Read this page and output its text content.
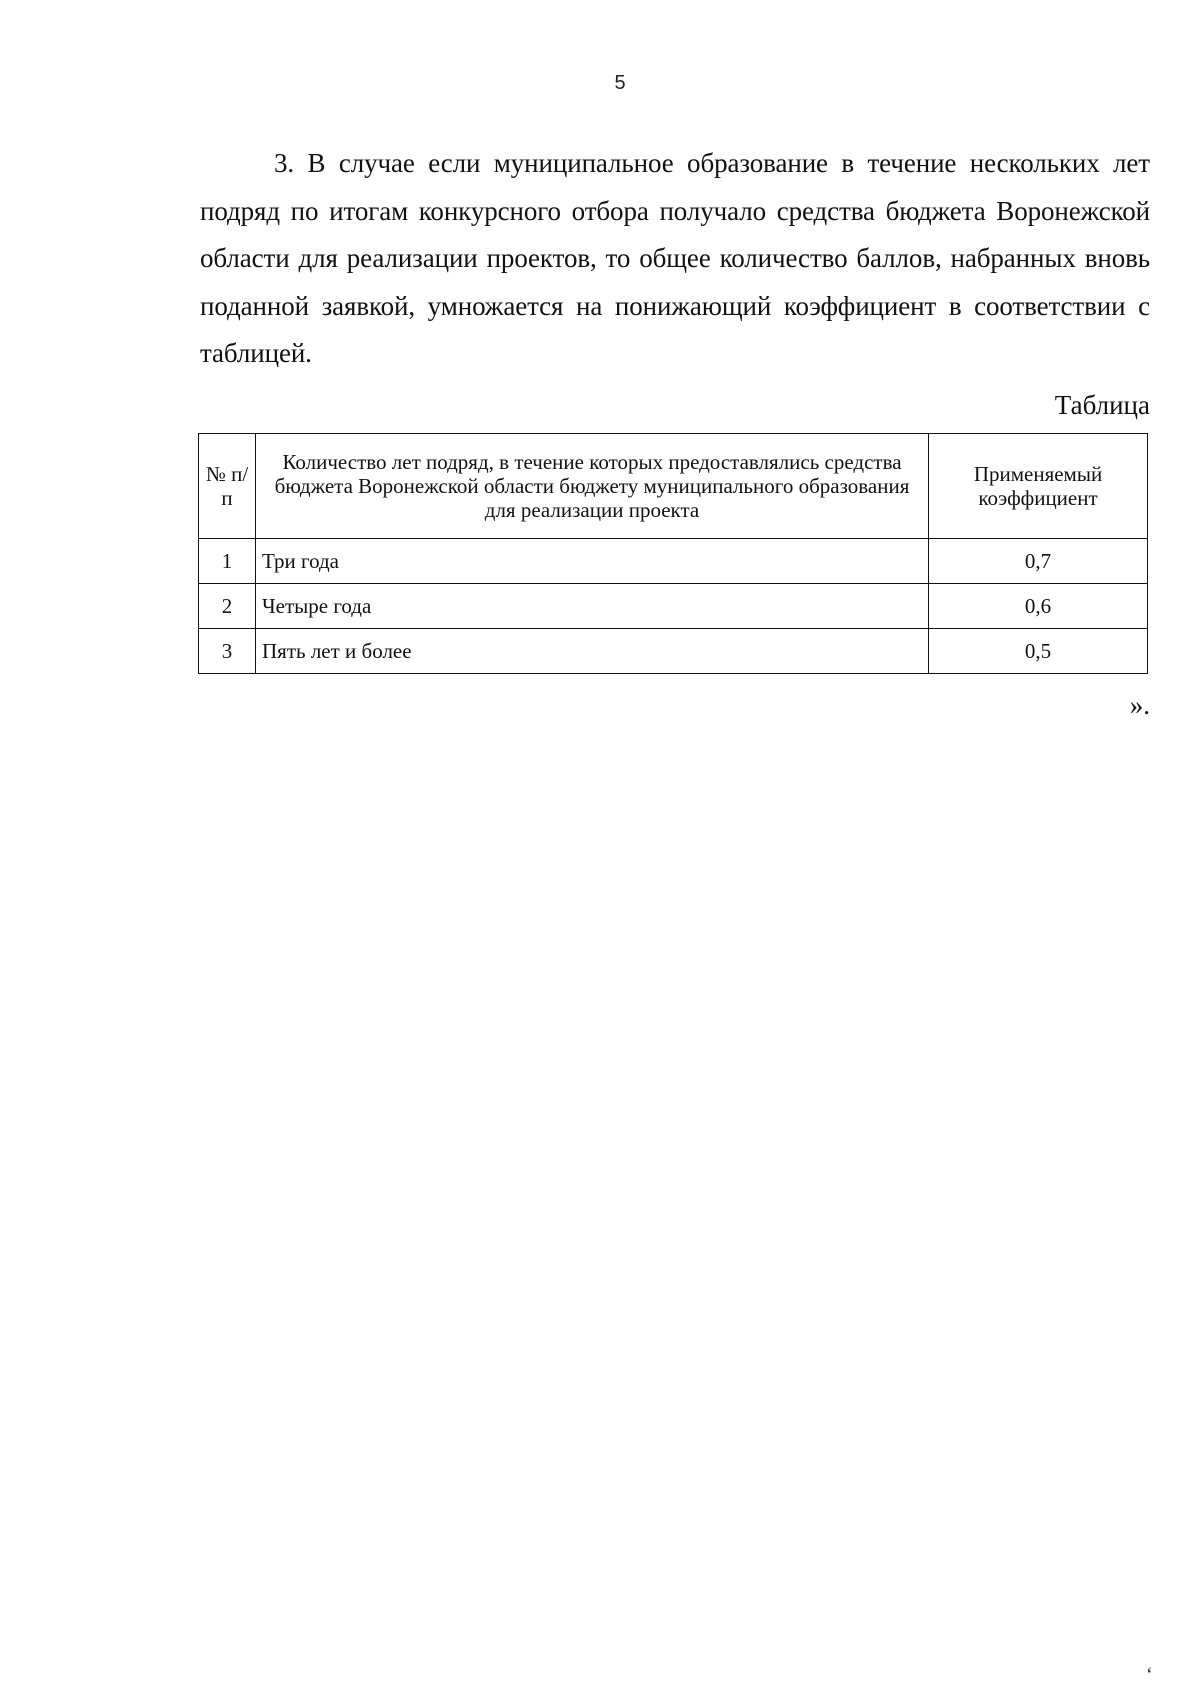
5

3. В случае если муниципальное образование в течение нескольких лет подряд по итогам конкурсного отбора получало средства бюджета Воронежской области для реализации проектов, то общее количество баллов, набранных вновь поданной заявкой, умножается на понижающий коэффициент в соответствии с таблицей.

Таблица
№ п/п	Количество лет подряд, в течение которых предоставлялись средства бюджета Воронежской области бюджету муниципального образования для реализации проекта	Применяемый коэффициент
1	Три года	0,7
2	Четыре года	0,6
3	Пять лет и более	0,5
».
‘
